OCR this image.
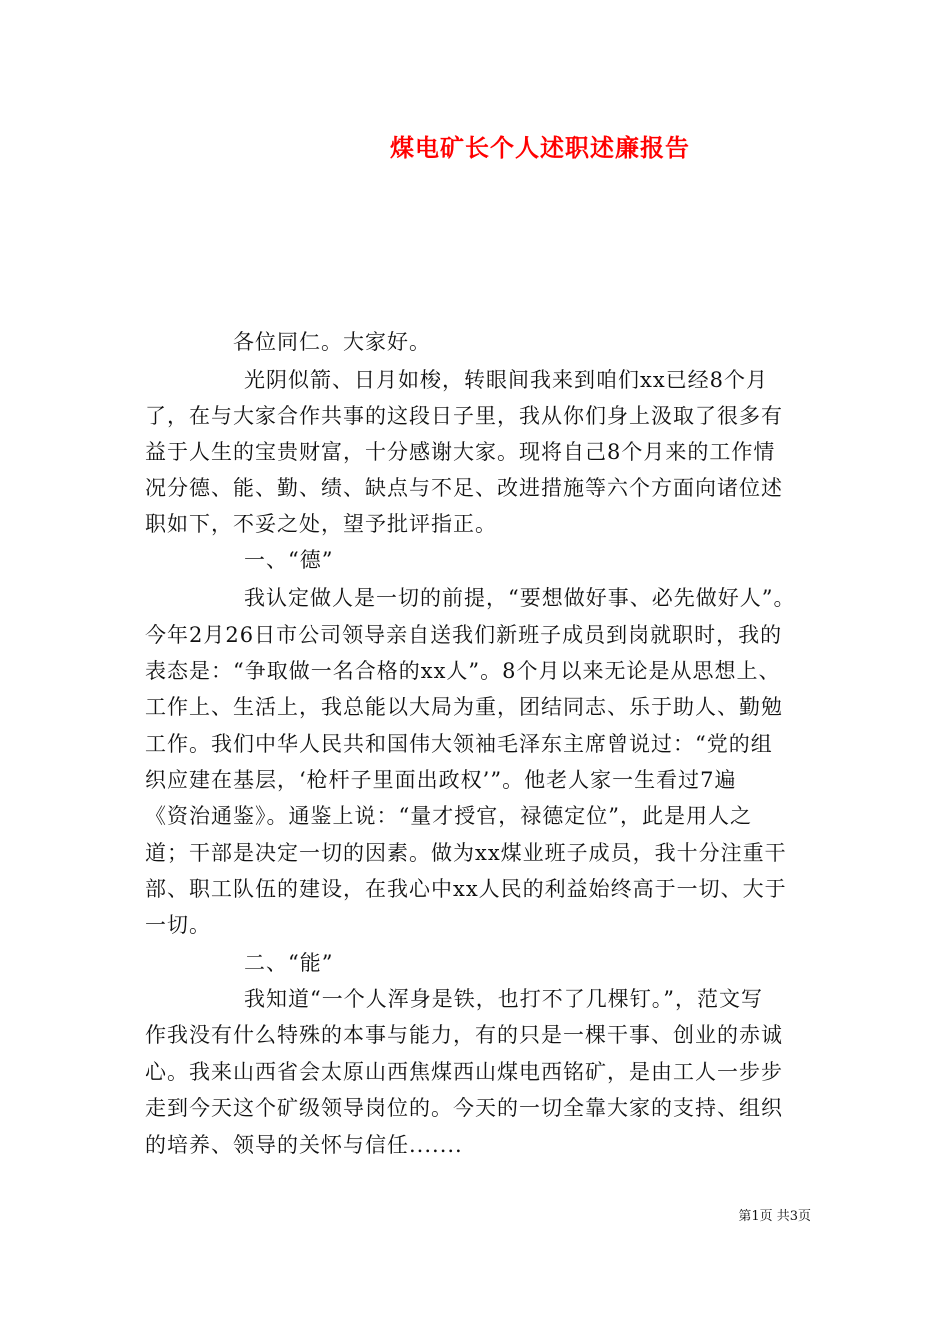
煤电矿长个人述职述廉报告
各位同仁。大家好。
光阴似箭、日月如梭，转眼间我来到咱们xx已经8个月
了，在与大家合作共事的这段日子里，我从你们身上汲取了很多有
益于人生的宝贵财富，十分感谢大家。现将自己8个月来的工作情
况分德、能、勤、绩、缺点与不足、改进措施等六个方面向诸位述
职如下，不妥之处，望予批评指正。
一、“德”
我认定做人是一切的前提，“要想做好事、必先做好人”。
今年2月26日市公司领导亲自送我们新班子成员到岗就职时，我的
表态是：“争取做一名合格的xx人”。8个月以来无论是从思想上、
工作上、生活上，我总能以大局为重，团结同志、乐于助人、勤勉
工作。我们中华人民共和国伟大领袖毛泽东主席曾说过：“党的组
织应建在基层，‘枪杆子里面出政权’”。他老人家一生看过7遍
《资治通鉴》。通鉴上说：“量才授官，禄德定位”，此是用人之
道；干部是决定一切的因素。做为xx煤业班子成员，我十分注重干
部、职工队伍的建设，在我心中xx人民的利益始终高于一切、大于
一切。
二、“能”
我知道“一个人浑身是铁，也打不了几棵钉。”，范文写
作我没有什么特殊的本事与能力，有的只是一棵干事、创业的赤诚
心。我来山西省会太原山西焦煤西山煤电西铭矿，是由工人一步步
走到今天这个矿级领导岗位的。今天的一切全靠大家的支持、组织
的培养、领导的关怀与信任.......
第1页 共3页
